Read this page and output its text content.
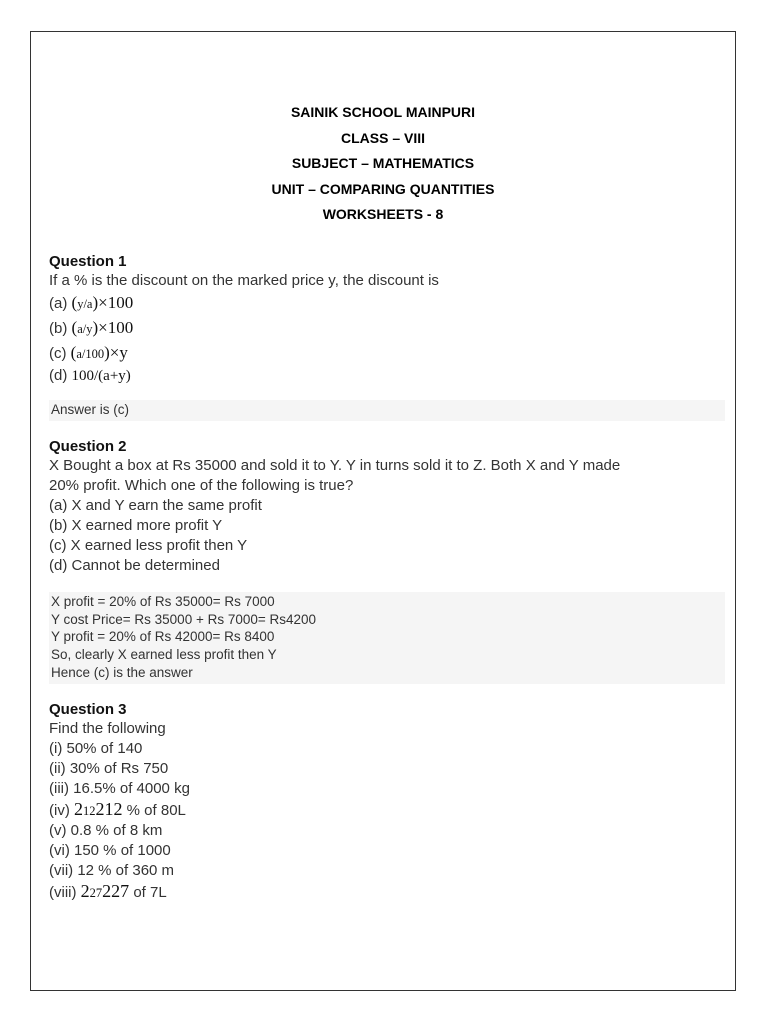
SAINIK SCHOOL MAINPURI
CLASS – VIII
SUBJECT – MATHEMATICS
UNIT – COMPARING QUANTITIES
WORKSHEETS - 8
Question 1
If a % is the discount on the marked price y, the discount is
(a) (y/a)×100
(b) (a/y)×100
(c) (a/100)×y
(d) 100/(a+y)
Answer is (c)
Question 2
X Bought a box at Rs 35000 and sold it to Y. Y in turns sold it to Z. Both X and Y made
20% profit. Which one of the following is true?
(a) X and Y earn the same profit
(b) X earned more profit Y
(c) X earned less profit then Y
(d) Cannot be determined
X profit = 20% of Rs 35000= Rs 7000
Y cost Price= Rs 35000 + Rs 7000= Rs4200
Y profit = 20% of Rs 42000= Rs 8400
So, clearly X earned less profit then Y
Hence (c) is the answer
Question 3
Find the following
(i) 50% of 140
(ii) 30% of Rs 750
(iii) 16.5% of 4000 kg
(iv) 212212 % of 80L
(v) 0.8 % of 8 km
(vi) 150 % of 1000
(vii) 12 % of 360 m
(viii) 227227 of 7L
